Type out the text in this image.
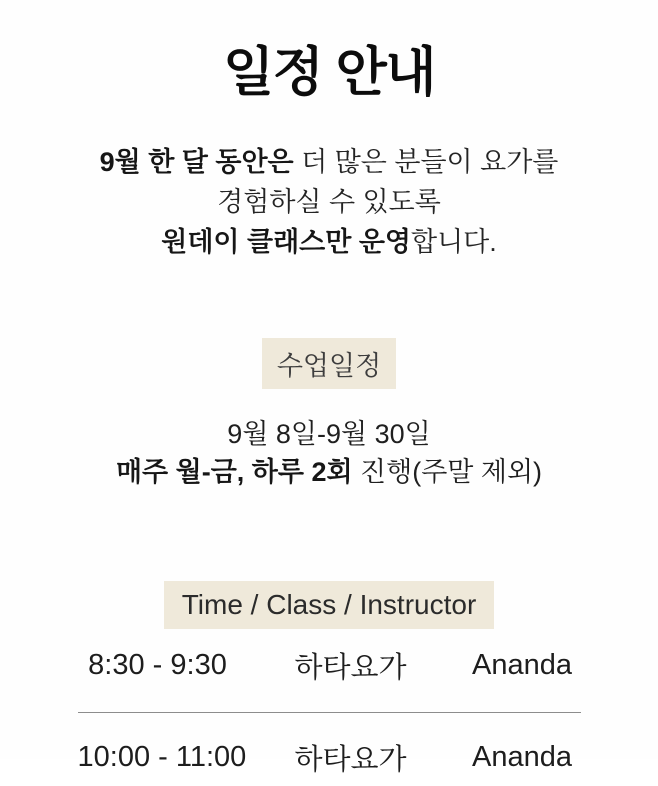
일정 안내
9월 한 달 동안은 더 많은 분들이 요가를
경험하실 수 있도록
원데이 클래스만 운영합니다.
수업일정
9월 8일-9월 30일
매주 월-금, 하루 2회 진행(주말 제외)
Time / Class / Instructor
8:30 - 9:30	하타요가	Ananda
10:00 - 11:00	하타요가	Ananda
